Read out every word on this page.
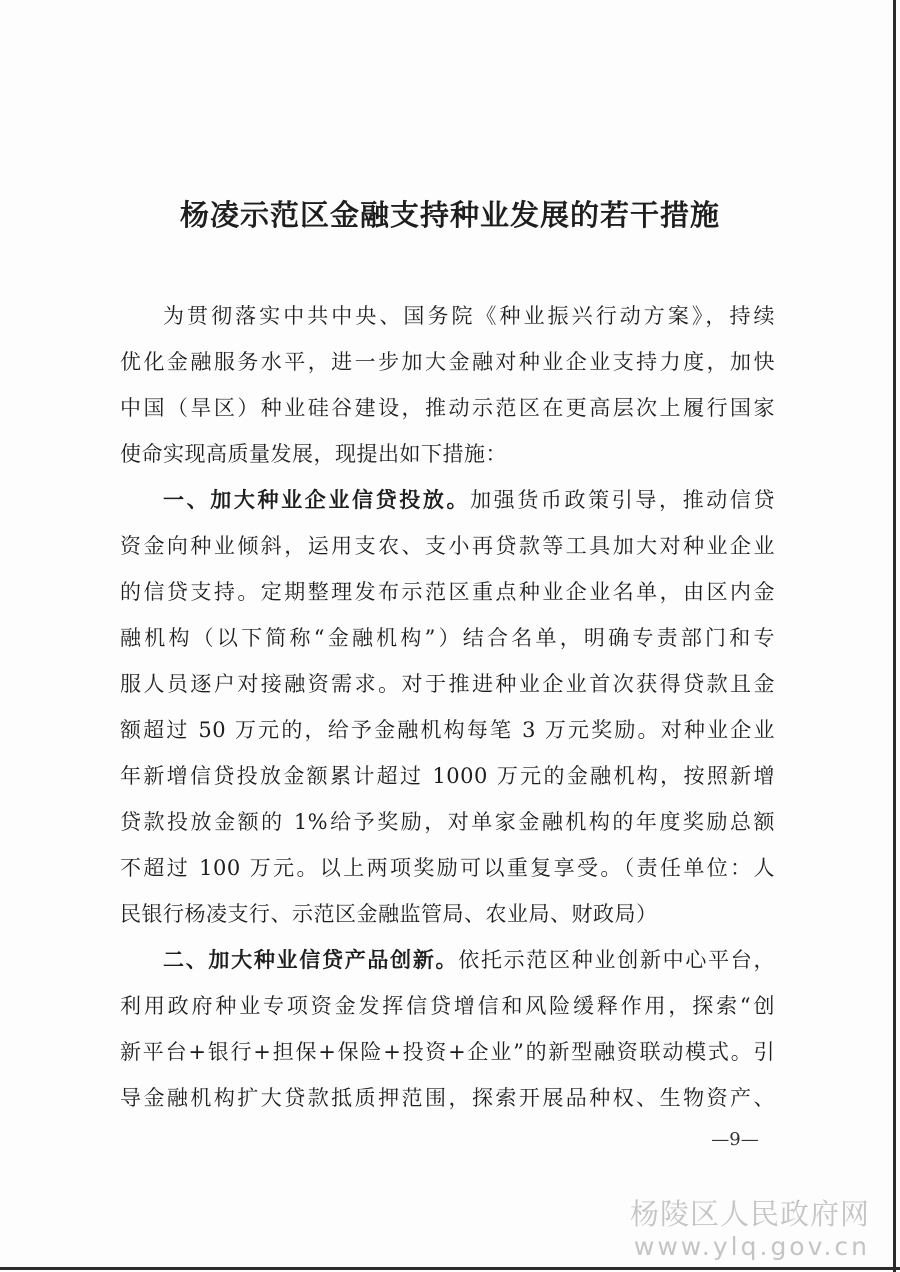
杨凌示范区金融支持种业发展的若干措施
为贯彻落实中共中央、国务院《种业振兴行动方案》，持续
优化金融服务水平，进一步加大金融对种业企业支持力度，加快
中国（旱区）种业硅谷建设，推动示范区在更高层次上履行国家
使命实现高质量发展，现提出如下措施：
一、加大种业企业信贷投放。加强货币政策引导，推动信贷
资金向种业倾斜，运用支农、支小再贷款等工具加大对种业企业
的信贷支持。定期整理发布示范区重点种业企业名单，由区内金
融机构（以下简称“金融机构”）结合名单，明确专责部门和专
服人员逐户对接融资需求。对于推进种业企业首次获得贷款且金
额超过 50 万元的，给予金融机构每笔 3 万元奖励。对种业企业
年新增信贷投放金额累计超过 1000 万元的金融机构，按照新增
贷款投放金额的 1%给予奖励，对单家金融机构的年度奖励总额
不超过 100 万元。以上两项奖励可以重复享受。（责任单位：人
民银行杨凌支行、示范区金融监管局、农业局、财政局）
二、加大种业信贷产品创新。依托示范区种业创新中心平台，
利用政府种业专项资金发挥信贷增信和风险缓释作用，探索“创
新平台+银行+担保+保险+投资+企业”的新型融资联动模式。引
导金融机构扩大贷款抵质押范围，探索开展品种权、生物资产、
—9—
杨陵区人民政府网
www.ylq.gov.cn
